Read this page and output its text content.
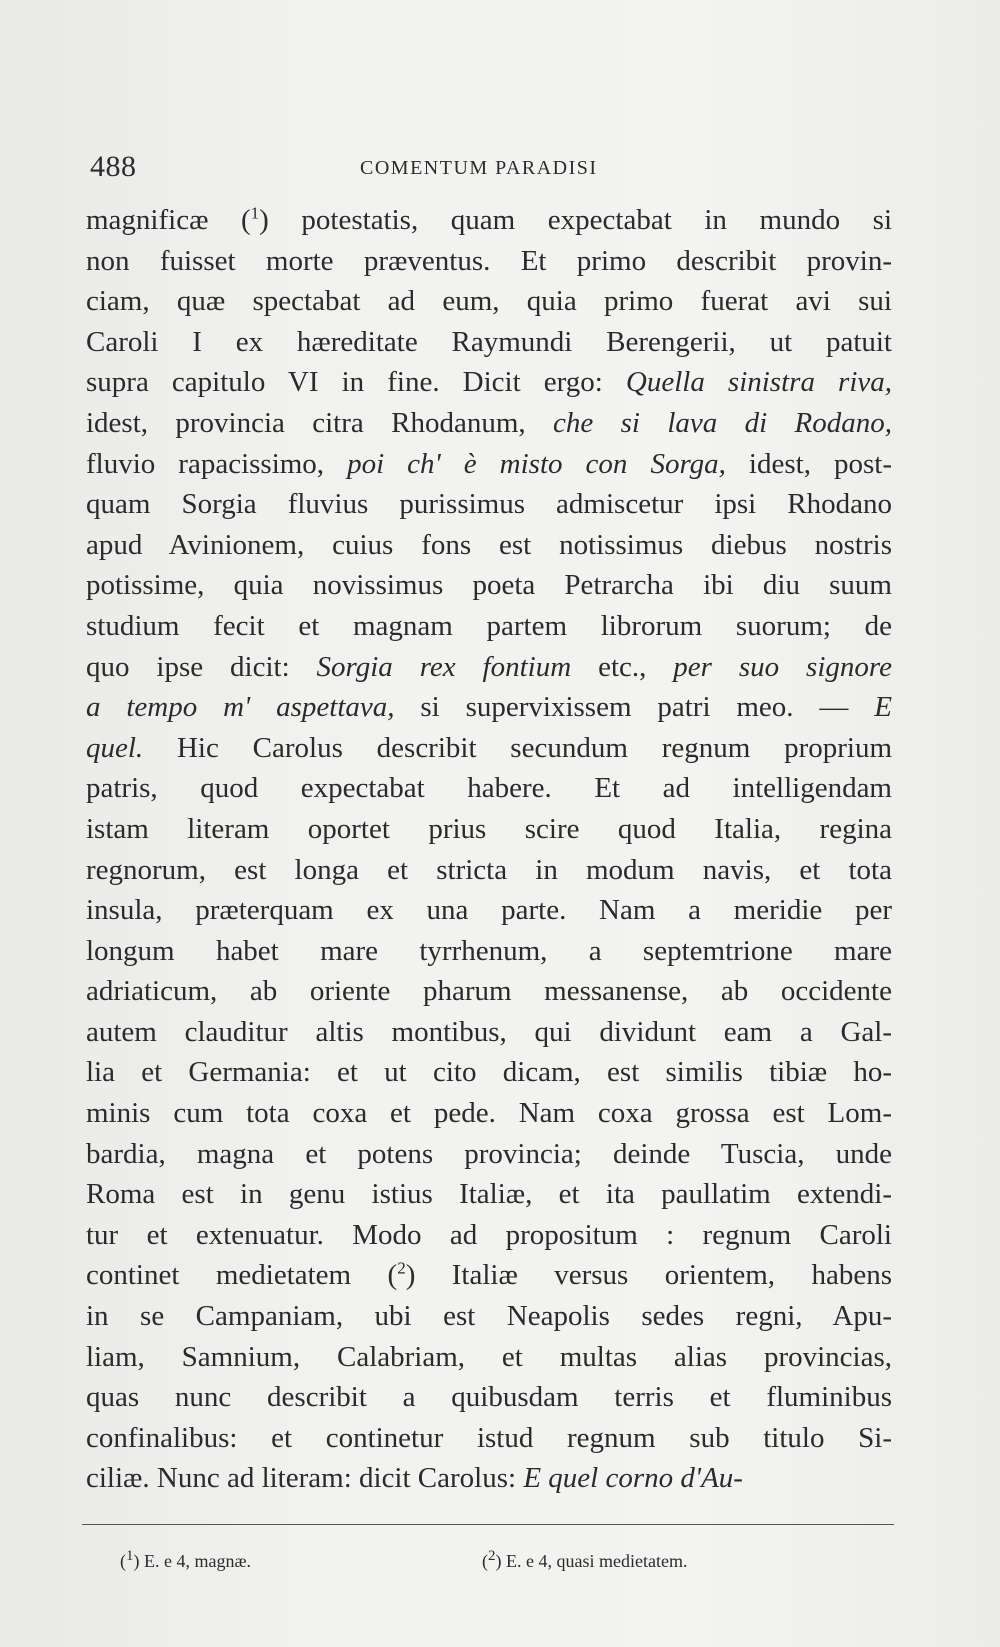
488	COMENTUM PARADISI
magnificæ ($^1$) potestatis, quam expectabat in mundo si
non fuisset morte præventus. Et primo describit provin-
ciam, quæ spectabat ad eum, quia primo fuerat avi sui
Caroli I ex hæreditate Raymundi Berengerii, ut patuit
supra capitulo VI in fine. Dicit ergo: Quella sinistra riva,
idest, provincia citra Rhodanum, che si lava di Rodano,
fluvio rapacissimo, poi ch' è misto con Sorga, idest, post-
quam Sorgia fluvius purissimus admiscetur ipsi Rhodano
apud Avinionem, cuius fons est notissimus diebus nostris
potissime, quia novissimus poeta Petrarcha ibi diu suum
studium fecit et magnam partem librorum suorum; de
quo ipse dicit: Sorgia rex fontium etc., per suo signore
a tempo m' aspettava, si supervixissem patri meo. — E
quel. Hic Carolus describit secundum regnum proprium
patris, quod expectabat habere. Et ad intelligendam
istam literam oportet prius scire quod Italia, regina
regnorum, est longa et stricta in modum navis, et tota
insula, præterquam ex una parte. Nam a meridie per
longum habet mare tyrrhenum, a septemtrione mare
adriaticum, ab oriente pharum messanense, ab occidente
autem clauditur altis montibus, qui dividunt eam a Gal-
lia et Germania: et ut cito dicam, est similis tibiæ ho-
minis cum tota coxa et pede. Nam coxa grossa est Lom-
bardia, magna et potens provincia; deinde Tuscia, unde
Roma est in genu istius Italiæ, et ita paullatim extendi-
tur et extenuatur. Modo ad propositum : regnum Caroli
continet medietatem ($^2$) Italiæ versus orientem, habens
in se Campaniam, ubi est Neapolis sedes regni, Apu-
liam, Samnium, Calabriam, et multas alias provincias,
quas nunc describit a quibusdam terris et fluminibus
confinalibus: et continetur istud regnum sub titulo Si-
ciliæ. Nunc ad literam: dicit Carolus: E quel corno d'Au-
($^1$) E. e 4, magnæ.	($^2$) E. e 4, quasi medietatem.
